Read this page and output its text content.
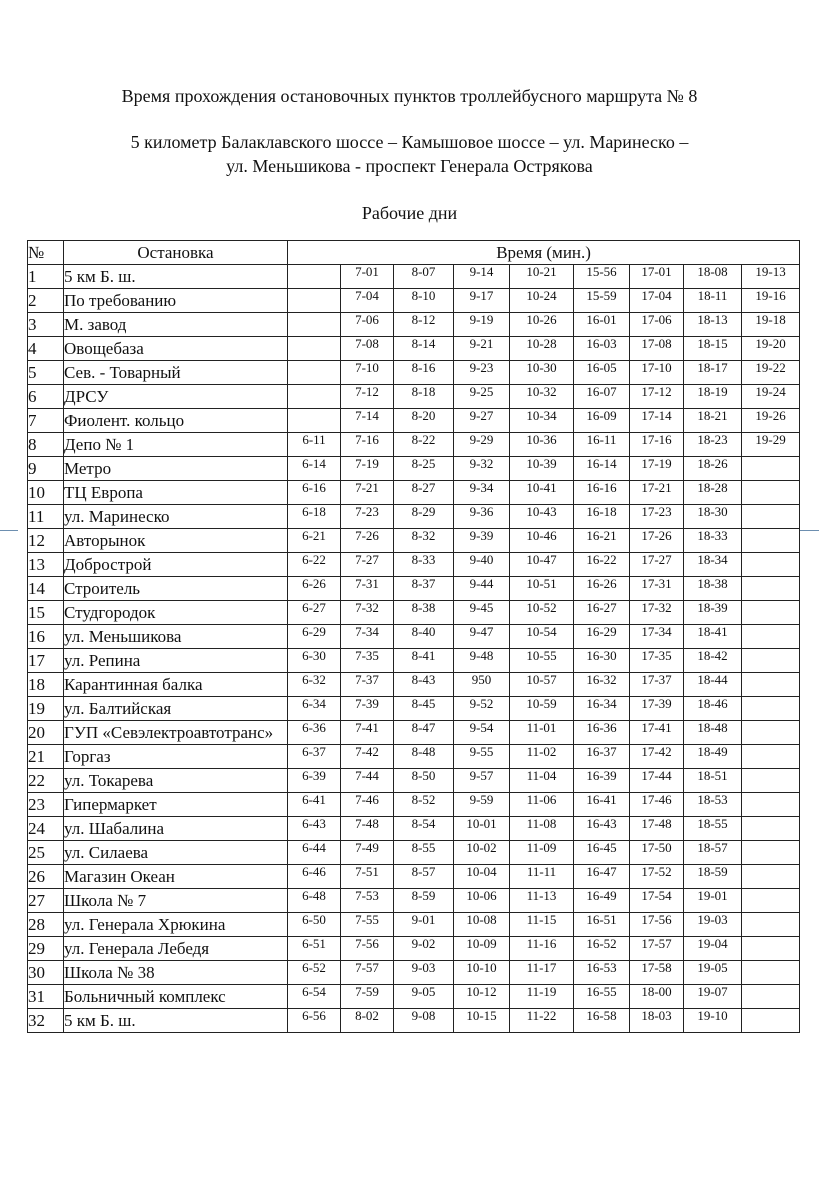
Время прохождения остановочных пунктов троллейбусного маршрута № 8
5 километр Балаклавского шоссе – Камышовое шоссе – ул. Маринеско –
ул. Меньшикова - проспект Генерала Острякова
Рабочие дни
№	Остановка	Время (мин.)								
1	5 км Б. ш.		7-01	8-07	9-14	10-21	15-56	17-01	18-08	19-13
2	По требованию		7-04	8-10	9-17	10-24	15-59	17-04	18-11	19-16
3	М. завод		7-06	8-12	9-19	10-26	16-01	17-06	18-13	19-18
4	Овощебаза		7-08	8-14	9-21	10-28	16-03	17-08	18-15	19-20
5	Сев. - Товарный		7-10	8-16	9-23	10-30	16-05	17-10	18-17	19-22
6	ДРСУ		7-12	8-18	9-25	10-32	16-07	17-12	18-19	19-24
7	Фиолент. кольцо		7-14	8-20	9-27	10-34	16-09	17-14	18-21	19-26
8	Депо № 1	6-11	7-16	8-22	9-29	10-36	16-11	17-16	18-23	19-29
9	Метро	6-14	7-19	8-25	9-32	10-39	16-14	17-19	18-26	
10	ТЦ Европа	6-16	7-21	8-27	9-34	10-41	16-16	17-21	18-28	
11	ул. Маринеско	6-18	7-23	8-29	9-36	10-43	16-18	17-23	18-30	
12	Авторынок	6-21	7-26	8-32	9-39	10-46	16-21	17-26	18-33	
13	Добрострой	6-22	7-27	8-33	9-40	10-47	16-22	17-27	18-34	
14	Строитель	6-26	7-31	8-37	9-44	10-51	16-26	17-31	18-38	
15	Студгородок	6-27	7-32	8-38	9-45	10-52	16-27	17-32	18-39	
16	ул. Меньшикова	6-29	7-34	8-40	9-47	10-54	16-29	17-34	18-41	
17	ул. Репина	6-30	7-35	8-41	9-48	10-55	16-30	17-35	18-42	
18	Карантинная балка	6-32	7-37	8-43	950	10-57	16-32	17-37	18-44	
19	ул. Балтийская	6-34	7-39	8-45	9-52	10-59	16-34	17-39	18-46	
20	ГУП «Севэлектроавтотранс»	6-36	7-41	8-47	9-54	11-01	16-36	17-41	18-48	
21	Горгаз	6-37	7-42	8-48	9-55	11-02	16-37	17-42	18-49	
22	ул. Токарева	6-39	7-44	8-50	9-57	11-04	16-39	17-44	18-51	
23	Гипермаркет	6-41	7-46	8-52	9-59	11-06	16-41	17-46	18-53	
24	ул. Шабалина	6-43	7-48	8-54	10-01	11-08	16-43	17-48	18-55	
25	ул. Силаева	6-44	7-49	8-55	10-02	11-09	16-45	17-50	18-57	
26	Магазин Океан	6-46	7-51	8-57	10-04	11-11	16-47	17-52	18-59	
27	Школа № 7	6-48	7-53	8-59	10-06	11-13	16-49	17-54	19-01	
28	ул. Генерала Хрюкина	6-50	7-55	9-01	10-08	11-15	16-51	17-56	19-03	
29	ул. Генерала Лебедя	6-51	7-56	9-02	10-09	11-16	16-52	17-57	19-04	
30	Школа № 38	6-52	7-57	9-03	10-10	11-17	16-53	17-58	19-05	
31	Больничный комплекс	6-54	7-59	9-05	10-12	11-19	16-55	18-00	19-07	
32	5 км Б. ш.	6-56	8-02	9-08	10-15	11-22	16-58	18-03	19-10	
